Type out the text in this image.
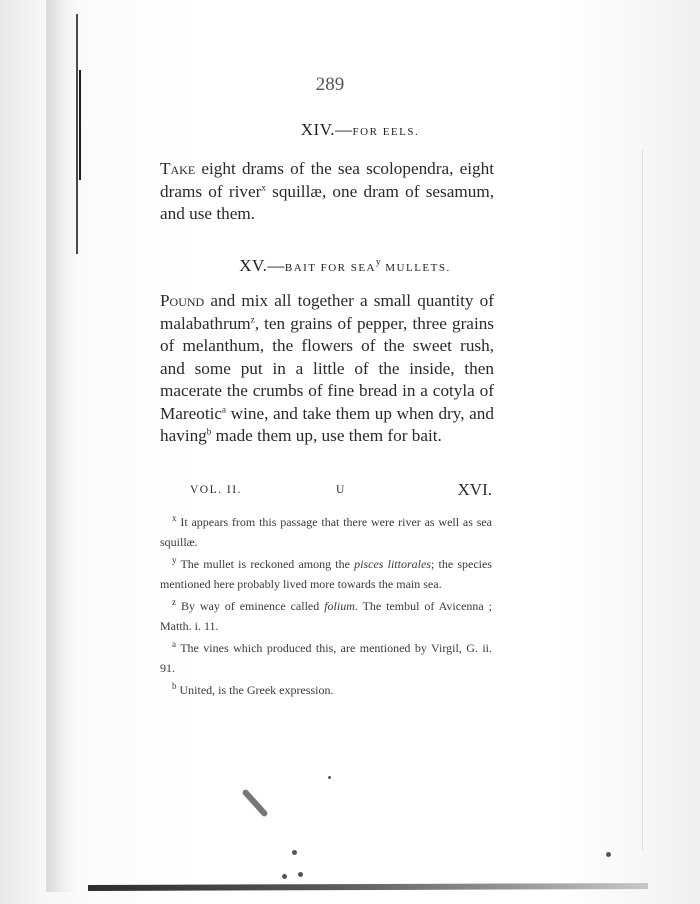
289
XIV.—FOR EELS.
Take eight drams of the sea scolopendra, eight drams of river$^x$ squillæ, one dram of sesamum, and use them.
XV.—BAIT FOR SEA$^y$ MULLETS.
Pound and mix all together a small quantity of malabathrum$^z$, ten grains of pepper, three grains of melanthum, the flowers of the sweet rush, and some put in a little of the inside, then macerate the crumbs of fine bread in a cotyla of Mareotic$^a$ wine, and take them up when dry, and having$^b$ made them up, use them for bait.
VOL. II.	U	XVI.

$^x$ It appears from this passage that there were river as well as sea squillæ.

$^y$ The mullet is reckoned among the pisces littorales; the species mentioned here probably lived more towards the main sea.

$^z$ By way of eminence called folium. The tembul of Avicenna ; Matth. i. 11.

$^a$ The vines which produced this, are mentioned by Virgil, G. ii. 91.

$^b$ United, is the Greek expression.
